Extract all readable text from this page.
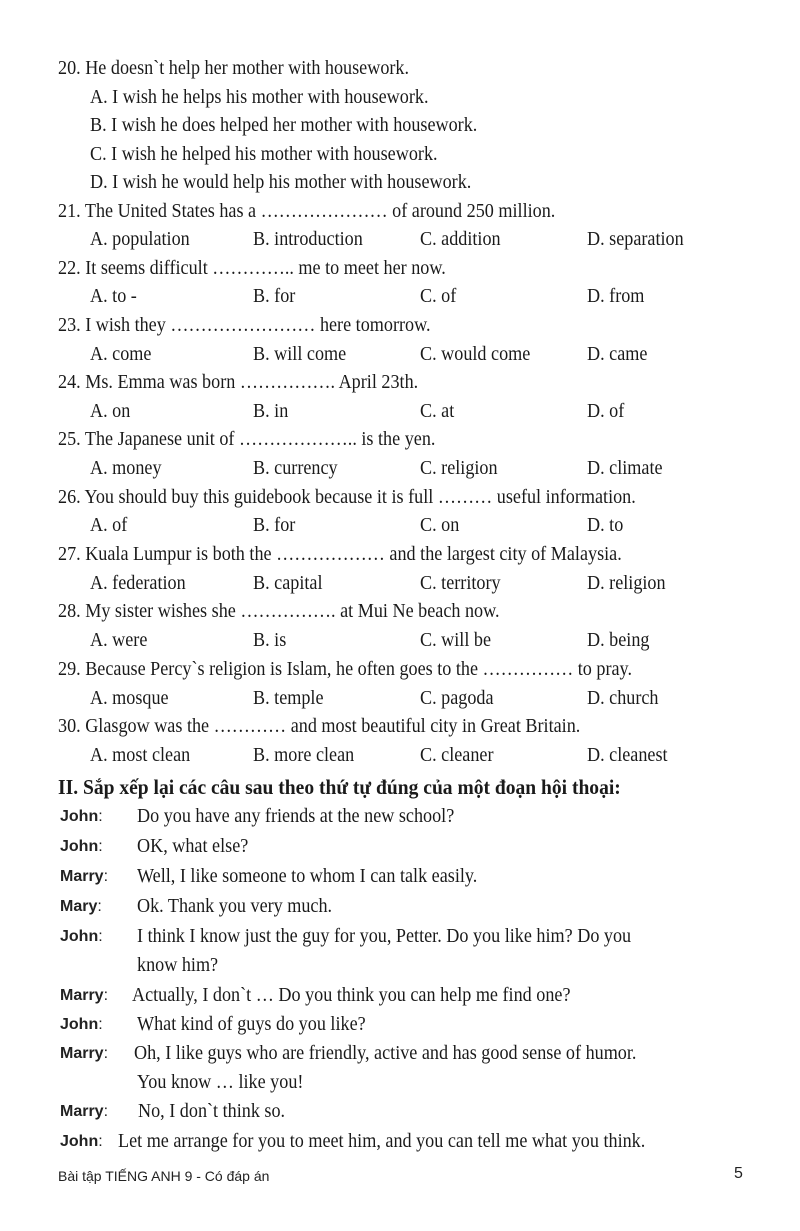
20. He doesn`t help her mother with housework.
A. I wish he helps his mother with housework.
B. I wish he does helped her mother with housework.
C. I wish he helped his mother with housework.
D. I wish he would help his mother with housework.
21. The United States has a ………………… of around 250 million.
A. population	B. introduction	C. addition	D. separation
22. It seems difficult ………….. me to meet her now.
A. to -	B. for	C. of	D. from
23. I wish they …………………… here tomorrow.
A. come	B. will come	C. would come	D. came
24. Ms. Emma was born ……………. April 23th.
A. on	B. in	C. at	D. of
25. The Japanese unit of ……………….. is the yen.
A. money	B. currency	C. religion	D. climate
26. You should buy this guidebook because it is full ……… useful information.
A. of	B. for	C. on	D. to
27. Kuala Lumpur is both the ……………… and the largest city of Malaysia.
A. federation	B. capital	C. territory	D. religion
28. My sister wishes she ……………. at Mui Ne beach now.
A. were	B. is	C. will be	D. being
29. Because Percy`s religion is Islam, he often goes to the …………… to pray.
A. mosque	B. temple	C. pagoda	D. church
30. Glasgow was the ………… and most beautiful city in Great Britain.
A. most clean	B. more clean	C. cleaner	D. cleanest
II. Sắp xếp lại các câu sau theo thứ tự đúng của một đoạn hội thoại:
John: Do you have any friends at the new school?
John: OK, what else?
Marry: Well, I like someone to whom I can talk easily.
Mary: Ok. Thank you very much.
John: I think I know just the guy for you, Petter. Do you like him? Do you
know him?
Marry: Actually, I don`t … Do you think you can help me find one?
John: What kind of guys do you like?
Marry: Oh, I like guys who are friendly, active and has good sense of humor.
You know … like you!
Marry: No, I don`t think so.
John: Let me arrange for you to meet him, and you can tell me what you think.
Bài tập TIẾNG ANH 9 - Có đáp án	5
